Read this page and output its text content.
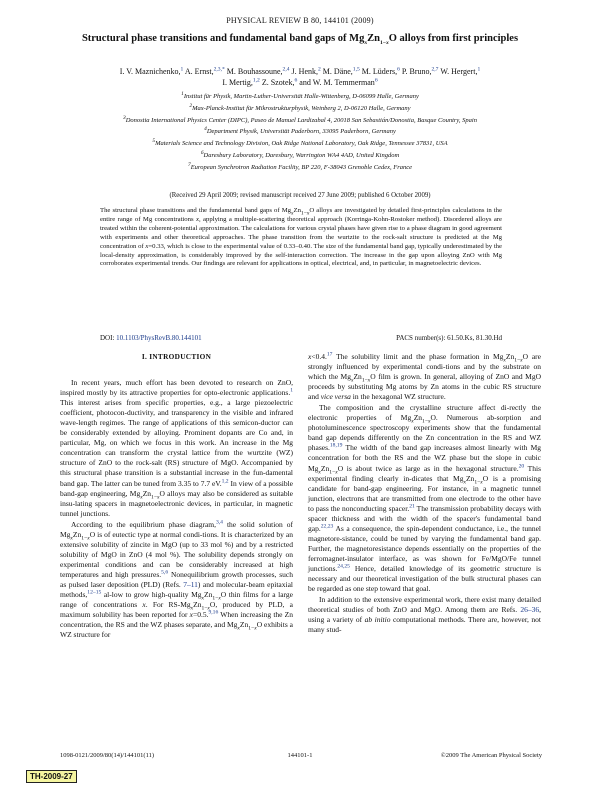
PHYSICAL REVIEW B 80, 144101 (2009)
Structural phase transitions and fundamental band gaps of $Mg_xZn_{1-x}O$ alloys from first principles
I. V. Maznichenko,$^1$ A. Ernst,$^{2,3,*}$ M. Bouhassoune,$^{2,4}$ J. Henk,$^2$ M. Däne,$^{1,5}$ M. Lüders,$^6$ P. Bruno,$^{2,7}$ W. Hergert,$^1$
I. Mertig,$^{1,2}$ Z. Szotek,$^6$ and W. M. Temmerman$^6$
$^1$Institut für Physik, Martin-Luther-Universität Halle-Wittenberg, D-06099 Halle, Germany
$^2$Max-Planck-Institut für Mikrostrukturphysik, Weinberg 2, D-06120 Halle, Germany
$^3$Donostia International Physics Center (DIPC), Paseo de Manuel Lardizabal 4, 20018 San Sebastián/Donostia, Basque Country, Spain
$^4$Department Physik, Universität Paderborn, 33095 Paderborn, Germany
$^5$Materials Science and Technology Division, Oak Ridge National Laboratory, Oak Ridge, Tennessee 37831, USA
$^6$Daresbury Laboratory, Daresbury, Warrington WA4 4AD, United Kingdom
$^7$European Synchrotron Radiation Facility, BP 220, F-38043 Grenoble Cedex, France
(Received 29 April 2009; revised manuscript received 27 June 2009; published 6 October 2009)
The structural phase transitions and the fundamental band gaps of $Mg_xZn_{1-x}O$ alloys are investigated by detailed first-principles calculations in the entire range of Mg concentrations x, applying a multiple-scattering theoretical approach (Korringa-Kohn-Rostoker method). Disordered alloys are treated within the coherent-potential approximation. The calculations for various crystal phases have given rise to a phase diagram in good agreement with experiments and other theoretical approaches. The phase transition from the wurtzite to the rock-salt structure is predicted at the Mg concentration of x=0.33, which is close to the experimental value of 0.33–0.40. The size of the fundamental band gap, typically underestimated by the local-density approximation, is considerably improved by the self-interaction correction. The increase in the gap upon alloying ZnO with Mg corroborates experimental trends. Our findings are relevant for applications in optical, electrical, and, in particular, in magnetoelectric devices.
DOI: 10.1103/PhysRevB.80.144101	PACS number(s): 61.50.Ks, 81.30.Hd
I. INTRODUCTION

In recent years, much effort has been devoted to research on ZnO, inspired mostly by its attractive properties for opto-electronic applications.$^1$ This interest arises from specific properties, e.g., a large piezoelectric coefficient, photocon-ductivity, and transparency in the visible and infrared wave-length regimes. The range of applications of this semicon-ductor can be considerably extended by alloying. Prominent dopants are Co and, in particular, Mg, on which we focus in this work. An increase in the Mg concentration can transform the crystal lattice from the wurtzite (WZ) structure of ZnO to the rock-salt (RS) structure of MgO. Accompanied by this structural phase transition is a substantial increase in the fun-damental band gap. The latter can be tuned from 3.35 to 7.7 eV.$^{1,2}$ In view of a possible band-gap engineering, $Mg_xZn_{1-x}O$ alloys may also be considered as suitable insu-lating spacers in magnetoelectronic devices, in particular, in magnetic tunnel junctions.

According to the equilibrium phase diagram,$^{3,4}$ the solid solution of $Mg_xZn_{1-x}O$ is of eutectic type at normal condi-tions. It is characterized by an extensive solubility of zincite in MgO (up to 33 mol %) and by a restricted solubility of MgO in ZnO (4 mol %). The solubility depends strongly on experimental conditions and can be considerably increased at high temperatures and high pressures.$^{5,6}$ Nonequilibrium growth processes, such as pulsed laser deposition (PLD) (Refs. 7–11) and molecular-beam epitaxial methods,$^{12-15}$ al-low to grow high-quality $Mg_xZn_{1-x}O$ thin films for a large range of concentrations x. For $RS-Mg_xZn_{1-x}O$, produced by PLD, a maximum solubility has been reported for x=0.5.$^{9,16}$ When increasing the Zn concentration, the RS and the WZ phases separate, and $Mg_xZn_{1-x}O$ exhibits a WZ structure for

x<0.4.17 The solubility limit and the phase formation in $Mg_xZn_{1-x}O$ are strongly influenced by experimental condi-tions and by the substrate on which the $Mg_xZn_{1-x}O$ film is grown. In general, alloying of ZnO and MgO proceeds by substituting Mg atoms by Zn atoms in the cubic RS structure and vice versa in the hexagonal WZ structure.

The composition and the crystalline structure affect di-rectly the electronic properties of $Mg_xZn_{1-x}O$. Numerous ab-sorption and photoluminescence spectroscopy experiments show that the fundamental band gap depends differently on the Zn concentration in the RS and WZ phases.$^{18,19}$ The width of the band gap increases almost linearly with Mg concentration for both the RS and the WZ phase but the slope in cubic $Mg_xZn_{1-x}O$ is about twice as large as in the hexagonal structure.$^{20}$ This experimental finding clearly in-dicates that $Mg_xZn_{1-x}O$ is a promising candidate for band-gap engineering. For instance, in a magnetic tunnel junction, electrons that are transmitted from one electrode to the other have to pass the nonconducting spacer.$^{21}$ The transmission probability decays with spacer thickness and with the width of the spacer's fundamental band gap.$^{22,23}$ As a consequence, the spin-dependent conductance, i.e., the tunnel magnetore-sistance, could be tuned by varying the fundamental band gap. Further, the magnetoresistance depends essentially on the properties of the ferromagnet-insulator interface, as was shown for Fe/MgO/Fe tunnel junctions.$^{24,25}$ Hence, detailed knowledge of its geometric structure is necessary and our theoretical investigation of the bulk structural phases can be regarded as one step toward that goal.

In addition to the extensive experimental work, there exist many detailed theoretical studies of both ZnO and MgO. Among them are Refs. 26–36, using a variety of ab initio computational methods. There are, however, not many stud-

1098-0121/2009/80(14)/144101(11)	144101-1	©2009 The American Physical Society
TH-2009-27
